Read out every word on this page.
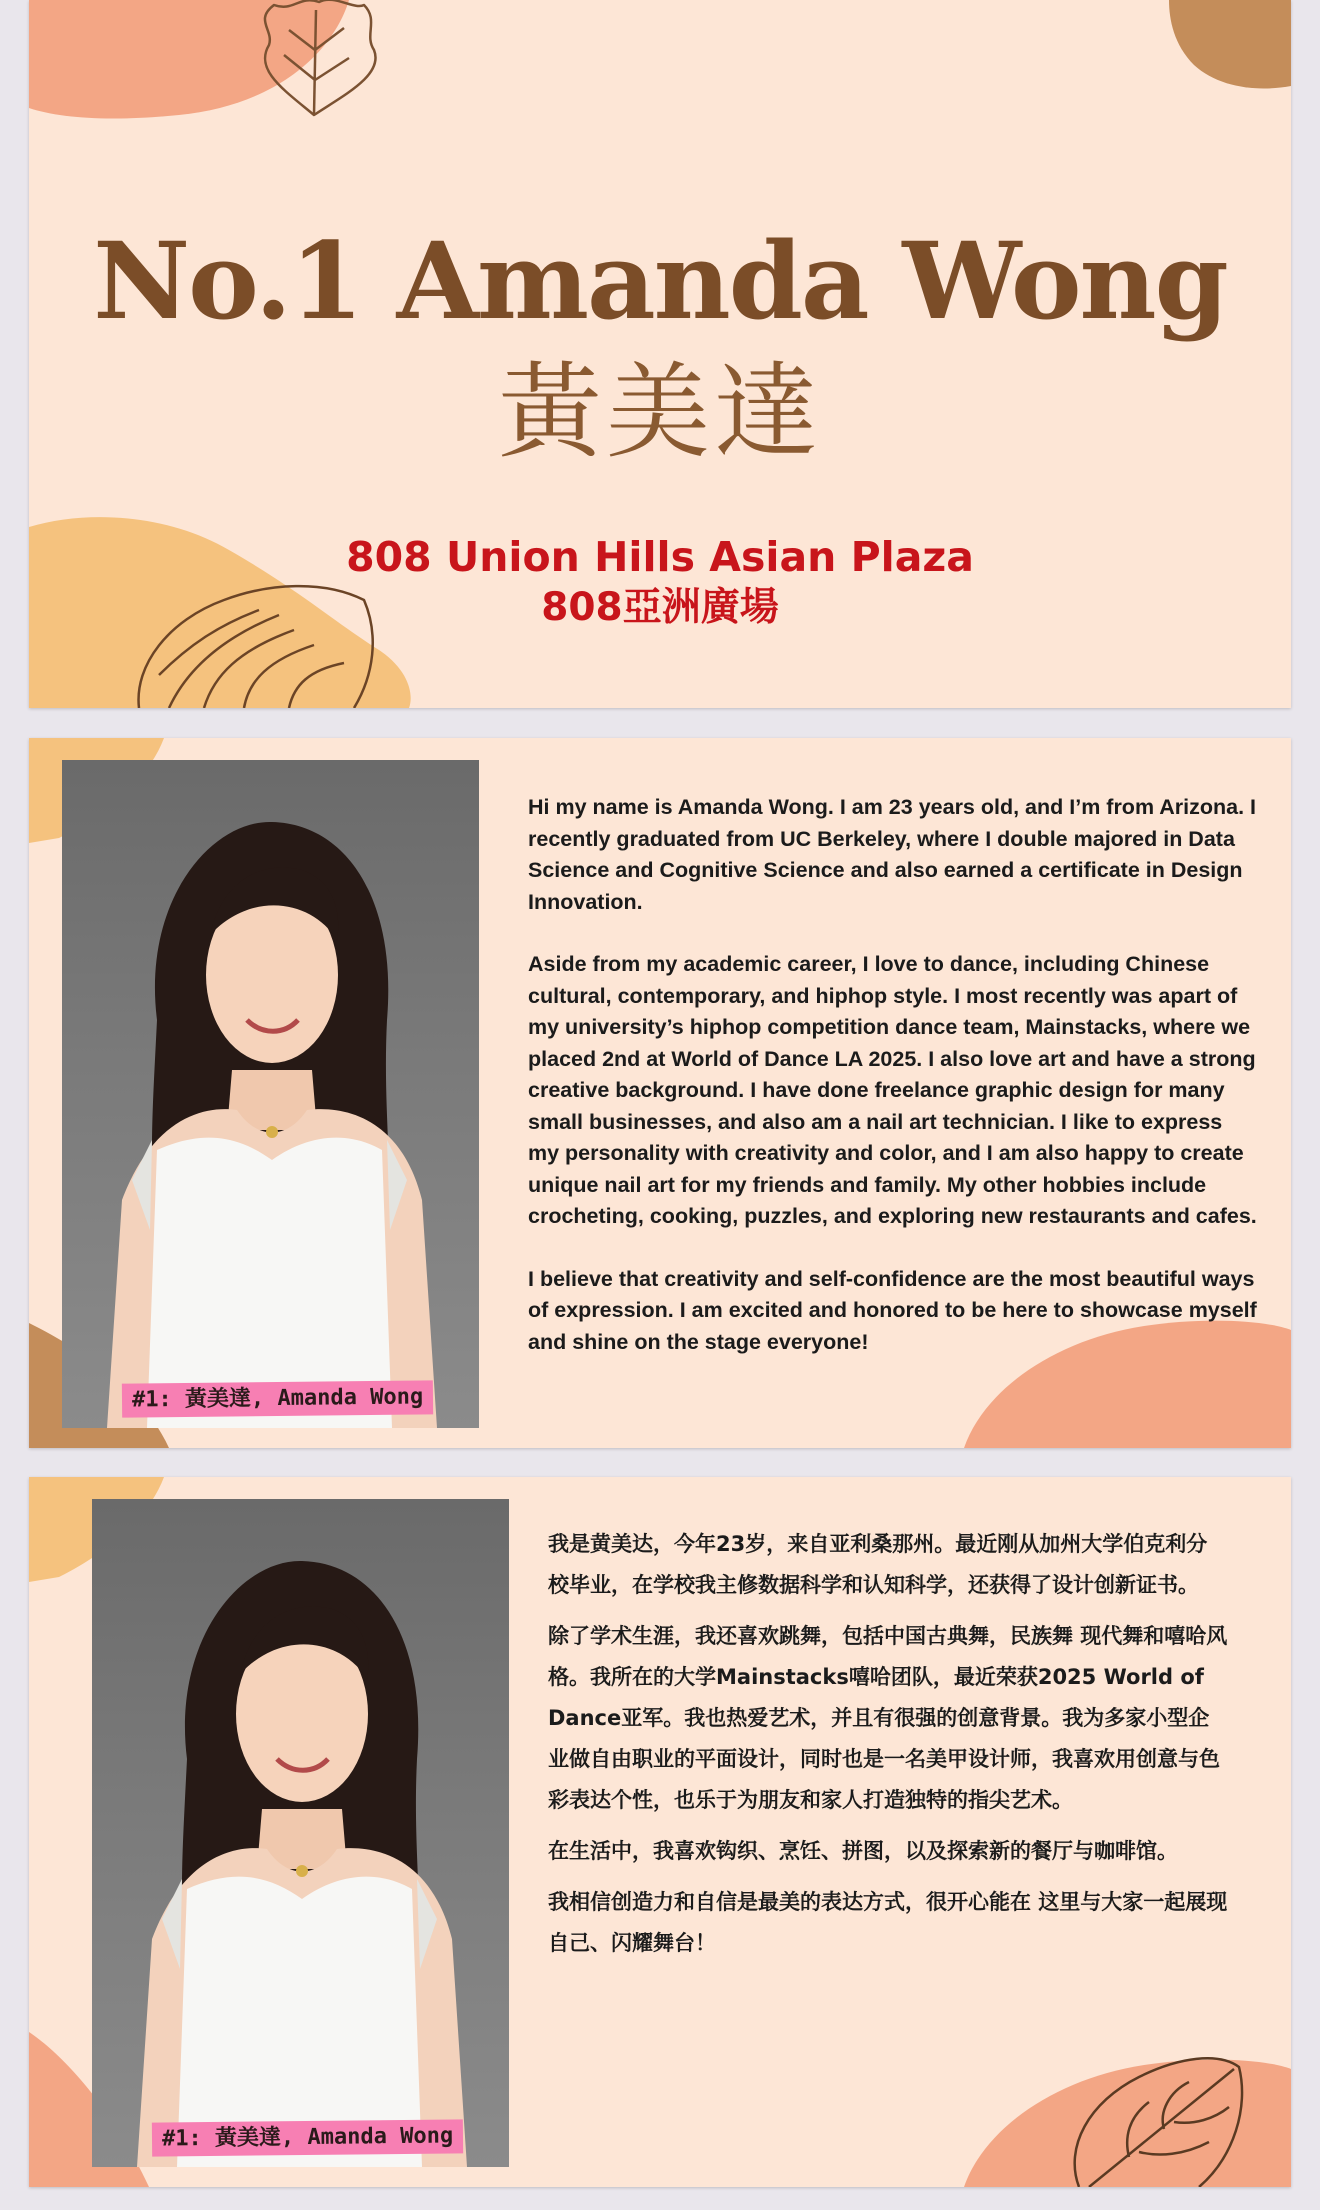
No.1 Amanda Wong
黃美達
808 Union Hills Asian Plaza
808亞洲廣場
#1: 黃美達, Amanda Wong

Hi my name is Amanda Wong. I am 23 years old, and I’m from Arizona. I recently graduated from UC Berkeley, where I double majored in Data Science and Cognitive Science and also earned a certificate in Design Innovation.

Aside from my academic career, I love to dance, including Chinese cultural, contemporary, and hiphop style. I most recently was apart of my university’s hiphop competition dance team, Mainstacks, where we placed 2nd at World of Dance LA 2025. I also love art and have a strong creative background. I have done freelance graphic design for many small businesses, and also am a nail art technician. I like to express my personality with creativity and color, and I am also happy to create unique nail art for my friends and family. My other hobbies include crocheting, cooking, puzzles, and exploring new restaurants and cafes.

I believe that creativity and self-confidence are the most beautiful ways of expression. I am excited and honored to be here to showcase myself and shine on the stage everyone!

#1: 黃美達, Amanda Wong

我是黄美达，今年23岁，来自亚利桑那州。最近刚从加州大学伯克利分校毕业，在学校我主修数据科学和认知科学，还获得了设计创新证书。

除了学术生涯，我还喜欢跳舞，包括中国古典舞，民族舞 现代舞和嘻哈风格。我所在的大学Mainstacks嘻哈团队，最近荣获2025 World of Dance亚军。我也热爱艺术，并且有很强的创意背景。我为多家小型企业做自由职业的平面设计，同时也是一名美甲设计师，我喜欢用创意与色彩表达个性，也乐于为朋友和家人打造独特的指尖艺术。

在生活中，我喜欢钩织、烹饪、拼图，以及探索新的餐厅与咖啡馆。

我相信创造力和自信是最美的表达方式，很开心能在 这里与大家一起展现自己、闪耀舞台！
